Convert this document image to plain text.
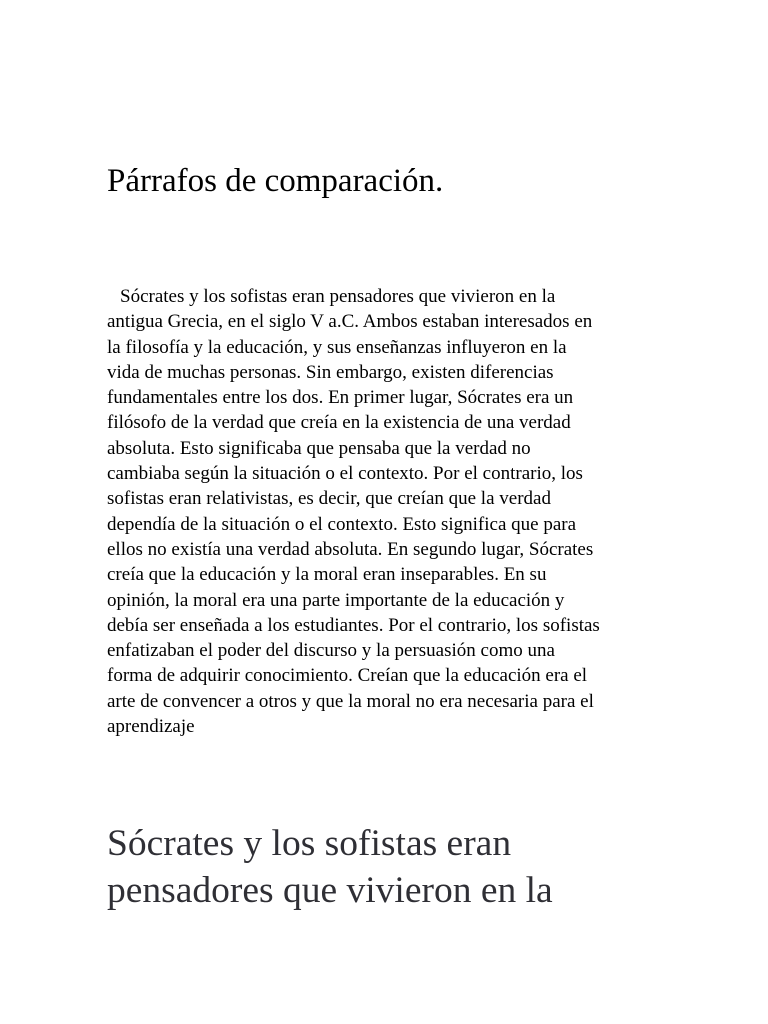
Párrafos de comparación.

Sócrates y los sofistas eran pensadores que vivieron en la
antigua Grecia, en el siglo V a.C. Ambos estaban interesados en
la filosofía y la educación, y sus enseñanzas influyeron en la
vida de muchas personas. Sin embargo, existen diferencias
fundamentales entre los dos. En primer lugar, Sócrates era un
filósofo de la verdad que creía en la existencia de una verdad
absoluta. Esto significaba que pensaba que la verdad no
cambiaba según la situación o el contexto. Por el contrario, los
sofistas eran relativistas, es decir, que creían que la verdad
dependía de la situación o el contexto. Esto significa que para
ellos no existía una verdad absoluta. En segundo lugar, Sócrates
creía que la educación y la moral eran inseparables. En su
opinión, la moral era una parte importante de la educación y
debía ser enseñada a los estudiantes. Por el contrario, los sofistas
enfatizaban el poder del discurso y la persuasión como una
forma de adquirir conocimiento. Creían que la educación era el
arte de convencer a otros y que la moral no era necesaria para el
aprendizaje

Sócrates y los sofistas eran
pensadores que vivieron en la
